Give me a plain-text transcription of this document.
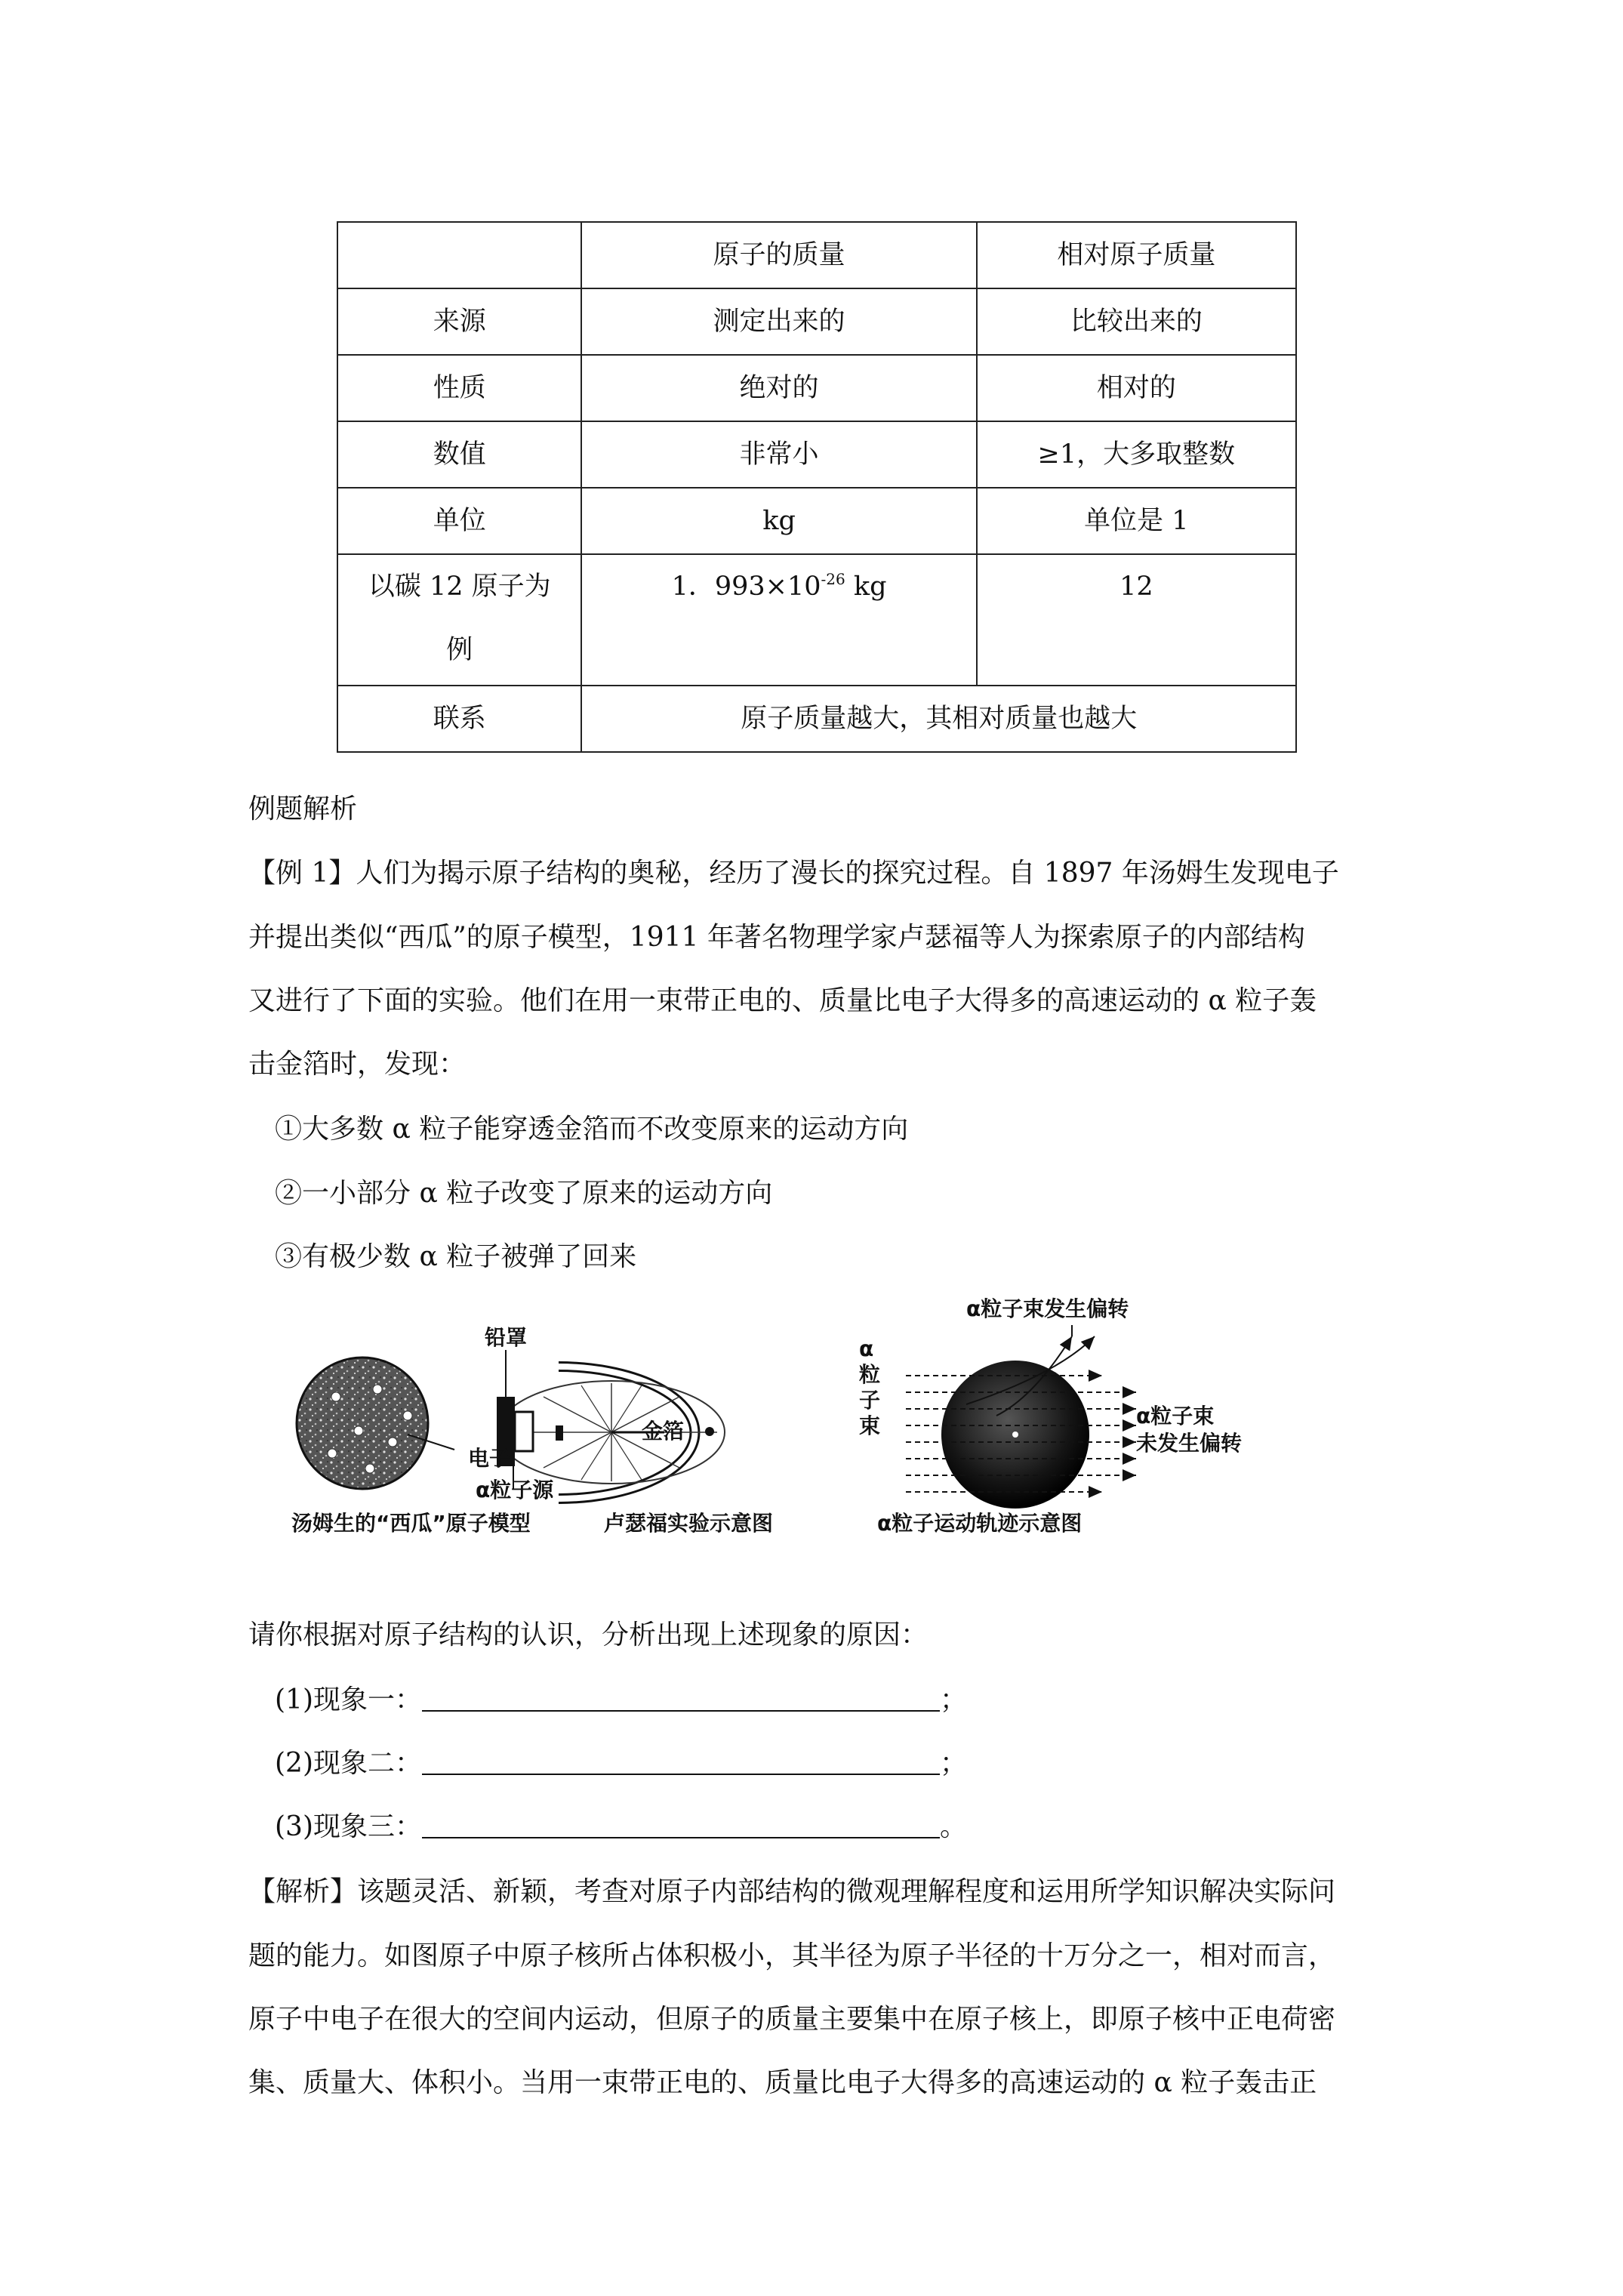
	原子的质量	相对原子质量
来源	测定出来的	比较出来的
性质	绝对的	相对的
数值	非常小	≥1，大多取整数
单位	kg	单位是 1
以碳 12 原子为
例	1．$993\times 10^{-26}$ kg	12
联系	原子质量越大，其相对质量也越大	
例题解析
【例 1】人们为揭示原子结构的奥秘，经历了漫长的探究过程。自 1897 年汤姆生发现电子
并提出类似“西瓜”的原子模型，1911 年著名物理学家卢瑟福等人为探索原子的内部结构
又进行了下面的实验。他们在用一束带正电的、质量比电子大得多的高速运动的 α 粒子轰
击金箔时，发现：
①大多数 α 粒子能穿透金箔而不改变原来的运动方向
②一小部分 α 粒子改变了原来的运动方向
③有极少数 α 粒子被弹了回来
电子
汤姆生的“西瓜”原子模型
铅罩
金箔
α粒子源
卢瑟福实验示意图
α
粒
子
束
α粒子束发生偏转
α粒子束
未发生偏转
α粒子运动轨迹示意图
请你根据对原子结构的认识，分析出现上述现象的原因：
(1)现象一：	；
(2)现象二：	；
(3)现象三：	。
【解析】该题灵活、新颖，考查对原子内部结构的微观理解程度和运用所学知识解决实际问
题的能力。如图原子中原子核所占体积极小，其半径为原子半径的十万分之一，相对而言，
原子中电子在很大的空间内运动，但原子的质量主要集中在原子核上，即原子核中正电荷密
集、质量大、体积小。当用一束带正电的、质量比电子大得多的高速运动的 α 粒子轰击正
